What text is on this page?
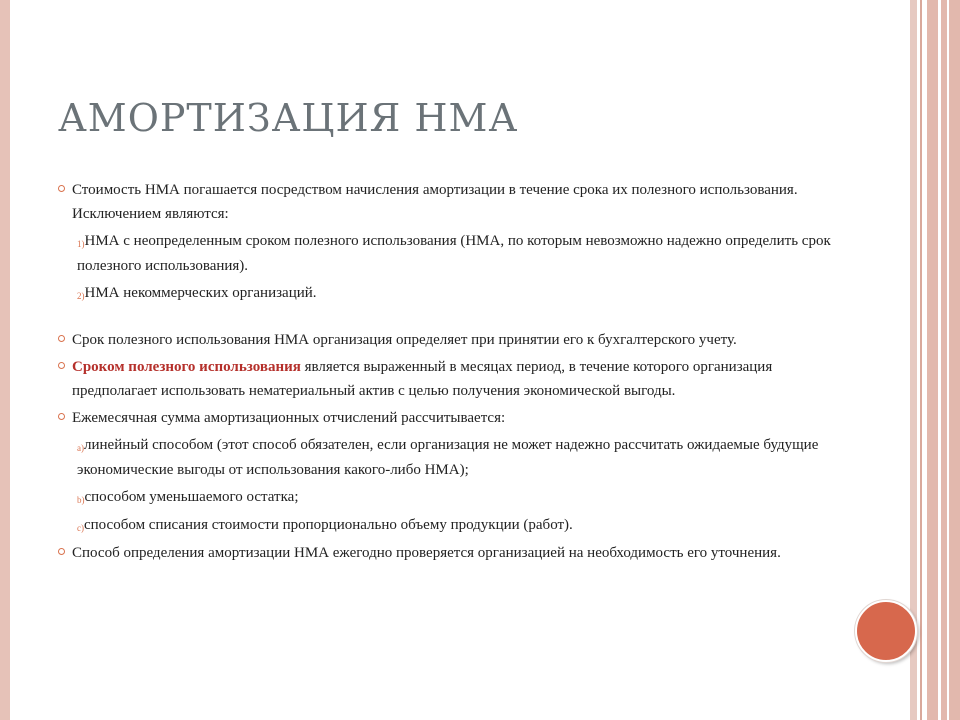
АМОРТИЗАЦИЯ НМА
Стоимость НМА погашается посредством начисления амортизации в течение срока их полезного использования. Исключением являются:
1)НМА с неопределенным сроком полезного использования (НМА, по которым невозможно надежно определить срок полезного использования).
2)НМА некоммерческих организаций.
Срок полезного использования НМА организация определяет при принятии его к бухгалтерского учету.
Сроком полезного использования является выраженный в месяцах период, в течение которого организация предполагает использовать нематериальный актив с целью получения экономической выгоды.
Ежемесячная сумма амортизационных отчислений рассчитывается:
a)линейный способом (этот способ обязателен, если организация не может надежно рассчитать ожидаемые будущие экономические выгоды от использования какого-либо НМА);
b)способом уменьшаемого остатка;
c)способом списания стоимости пропорционально объему продукции (работ).
Способ определения амортизации НМА ежегодно проверяется организацией на необходимость его уточнения.
